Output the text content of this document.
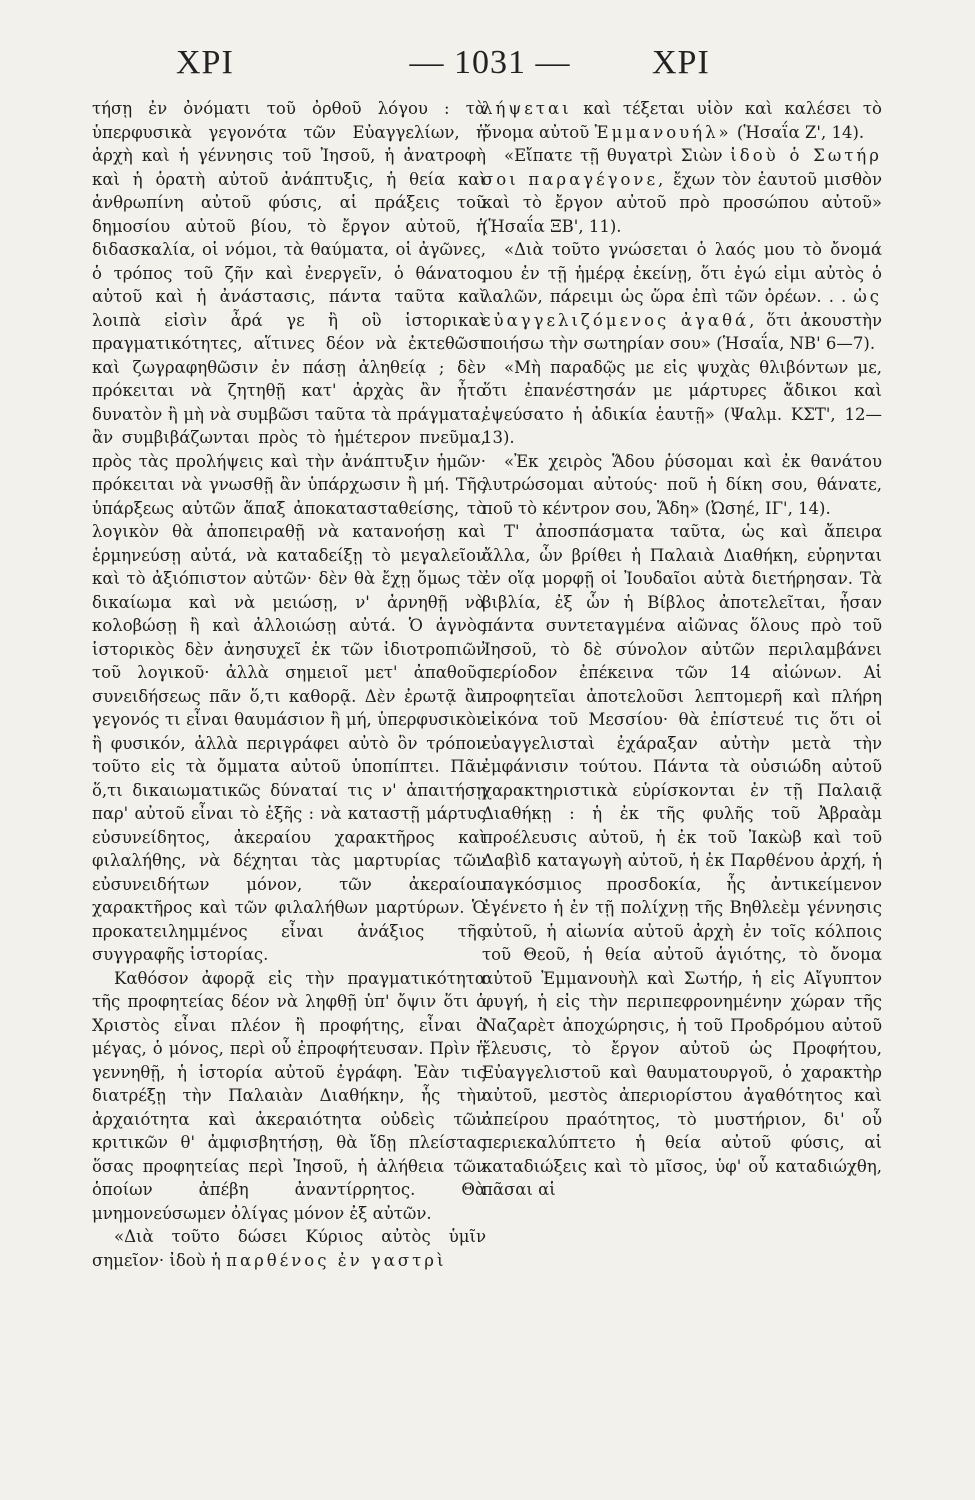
ΧΡΙ	— 1031 —	ΧΡΙ

τήσῃ ἐν ὀνόματι τοῦ ὀρθοῦ λόγου : τὰ ὑπερφυσικὰ γεγονότα τῶν Εὐαγγελίων, ἡ ἀρχὴ καὶ ἡ γέννησις τοῦ Ἰησοῦ, ἡ ἀνατροφὴ καὶ ἡ ὁρατὴ αὐτοῦ ἀνάπτυξις, ἡ θεία καὶ ἀνθρωπίνη αὐτοῦ φύσις, αἱ πράξεις τοῦ δημοσίου αὐτοῦ βίου, τὸ ἔργον αὐτοῦ, ἡ διδασκαλία, οἱ νόμοι, τὰ θαύματα, οἱ ἀγῶνες, ὁ τρόπος τοῦ ζῆν καὶ ἐνεργεῖν, ὁ θάνατος αὐτοῦ καὶ ἡ ἀνάστασις, πάντα ταῦτα καὶ λοιπὰ εἰσὶν ἆρά γε ἢ οὒ ἱστορικαὶ πραγματικότητες, αἵτινες δέον νὰ ἐκτεθῶσι καὶ ζωγραφηθῶσιν ἐν πάσῃ ἀληθείᾳ ; δὲν πρόκειται νὰ ζητηθῇ κατ' ἀρχὰς ἂν ἦτο δυνατὸν ἢ μὴ νὰ συμβῶσι ταῦτα τὰ πράγματα, ἂν συμβιβάζωνται πρὸς τὸ ἡμέτερον πνεῦμα, πρὸς τὰς προλήψεις καὶ τὴν ἀνάπτυξιν ἡμῶν· πρόκειται νὰ γνωσθῇ ἂν ὑπάρχωσιν ἢ μή. Τῆς ὑπάρξεως αὐτῶν ἅπαξ ἀποκατασταθείσης, τὸ λογικὸν θὰ ἀποπειραθῇ νὰ κατανοήσῃ καὶ ἑρμηνεύσῃ αὐτά, νὰ καταδείξῃ τὸ μεγαλεῖον καὶ τὸ ἀξιόπιστον αὐτῶν· δὲν θὰ ἔχῃ ὅμως τὸ δικαίωμα καὶ νὰ μειώσῃ, ν' ἀρνηθῇ νὰ κολοβώσῃ ἢ καὶ ἀλλοιώσῃ αὐτά. Ὁ ἁγνὸς ἱστορικὸς δὲν ἀνησυχεῖ ἐκ τῶν ἰδιοτροπιῶν τοῦ λογικοῦ· ἀλλὰ σημειοῖ μετ' ἀπαθοῦς συνειδήσεως πᾶν ὅ,τι καθορᾷ. Δὲν ἐρωτᾷ ἂν γεγονός τι εἶναι θαυμάσιον ἢ μή, ὑπερφυσικὸν ἢ φυσικόν, ἀλλὰ περιγράφει αὐτὸ ὃν τρόπον τοῦτο εἰς τὰ ὄμματα αὐτοῦ ὑποπίπτει. Πᾶν ὅ,τι δικαιωματικῶς δύναταί τις ν' ἀπαιτήσῃ παρ' αὐτοῦ εἶναι τὸ ἑξῆς : νὰ καταστῇ μάρτυς εὐσυνείδητος, ἀκεραίου χαρακτῆρος καὶ φιλαλήθης, νὰ δέχηται τὰς μαρτυρίας τῶν εὐσυνειδήτων μόνον, τῶν ἀκεραίου χαρακτῆρος καὶ τῶν φιλαλήθων μαρτύρων. Ὁ προκατειλημμένος εἶναι ἀνάξιος τῆς συγγραφῆς ἱστορίας.

Καθόσον ἀφορᾷ εἰς τὴν πραγματικότητα τῆς προφητείας δέον νὰ ληφθῇ ὑπ' ὄψιν ὅτι ὁ Χριστὸς εἶναι πλέον ἢ προφήτης, εἶναι ὁ μέγας, ὁ μόνος, περὶ οὗ ἐπροφήτευσαν. Πρὶν ἡ γεννηθῇ, ἡ ἱστορία αὐτοῦ ἐγράφη. Ἐὰν τις διατρέξῃ τὴν Παλαιὰν Διαθήκην, ἧς τὴν ἀρχαιότητα καὶ ἀκεραιότητα οὐδεὶς τῶν κριτικῶν θ' ἀμφισβητήσῃ, θὰ ἴδῃ πλείστας ὅσας προφητείας περὶ Ἰησοῦ, ἡ ἀλήθεια τῶν ὁποίων ἀπέβη ἀναντίρρητος. Θὰ μνημονεύσωμεν ὀλίγας μόνον ἐξ αὐτῶν.

«Διὰ τοῦτο δώσει Κύριος αὐτὸς ὑμῖν σημεῖον· ἰδοὺ ἡ παρθένος ἐν γαστρὶ

λήψεται καὶ τέξεται υἱὸν καὶ καλέσει τὸ ὄνομα αὐτοῦ Ἐμμανουήλ» (Ἡσαΐα Ζ', 14).

«Εἴπατε τῇ θυγατρὶ Σιὼν ἰδοὺ ὁ Σωτήρ σοι παραγέγονε, ἔχων τὸν ἑαυτοῦ μισθὸν καὶ τὸ ἔργον αὐτοῦ πρὸ προσώπου αὐτοῦ» (Ἡσαΐα ΞΒ', 11).

«Διὰ τοῦτο γνώσεται ὁ λαός μου τὸ ὄνομά μου ἐν τῇ ἡμέρᾳ ἐκείνῃ, ὅτι ἐγώ εἰμι αὐτὸς ὁ λαλῶν, πάρειμι ὡς ὥρα ἐπὶ τῶν ὀρέων. . . ὡς εὐαγγελιζόμενος ἀγαθά, ὅτι ἀκουστὴν ποιήσω τὴν σωτηρίαν σου» (Ἡσαΐα, ΝΒ' 6—7).

«Μὴ παραδῷς με εἰς ψυχὰς θλιβόντων με, ὅτι ἐπανέστησάν με μάρτυρες ἄδικοι καὶ ἐψεύσατο ἡ ἀδικία ἑαυτῇ» (Ψαλμ. ΚΣΤ', 12—13).

«Ἐκ χειρὸς Ἅδου ῥύσομαι καὶ ἐκ θανάτου λυτρώσομαι αὐτούς· ποῦ ἡ δίκη σου, θάνατε, ποῦ τὸ κέντρον σου, Ἅδη» (Ὠσηέ, ΙΓ', 14).

Τ' ἀποσπάσματα ταῦτα, ὡς καὶ ἄπειρα ἄλλα, ὧν βρίθει ἡ Παλαιὰ Διαθήκη, εὑρηνται ἐν οἵᾳ μορφῇ οἱ Ἰουδαῖοι αὐτὰ διετήρησαν. Τὰ βιβλία, ἐξ ὧν ἡ Βίβλος ἀποτελεῖται, ἦσαν πάντα συντεταγμένα αἰῶνας ὅλους πρὸ τοῦ Ἰησοῦ, τὸ δὲ σύνολον αὐτῶν περιλαμβάνει περίοδον ἐπέκεινα τῶν 14 αἰώνων. Αἱ προφητεῖαι ἀποτελοῦσι λεπτομερῆ καὶ πλήρη εἰκόνα τοῦ Μεσσίου· θὰ ἐπίστευέ τις ὅτι οἱ εὐαγγελισταὶ ἐχάραξαν αὐτὴν μετὰ τὴν ἐμφάνισιν τούτου. Πάντα τὰ οὐσιώδη αὐτοῦ χαρακτηριστικὰ εὑρίσκονται ἐν τῇ Παλαιᾷ Διαθήκῃ : ἡ ἐκ τῆς φυλῆς τοῦ Ἀβραὰμ προέλευσις αὐτοῦ, ἡ ἐκ τοῦ Ἰακὼβ καὶ τοῦ Δαβὶδ καταγωγὴ αὐτοῦ, ἡ ἐκ Παρθένου ἀρχή, ἡ παγκόσμιος προσδοκία, ἧς ἀντικείμενον ἐγένετο ἡ ἐν τῇ πολίχνῃ τῆς Βηθλεὲμ γέννησις αὐτοῦ, ἡ αἰωνία αὐτοῦ ἀρχὴ ἐν τοῖς κόλποις τοῦ Θεοῦ, ἡ θεία αὐτοῦ ἁγιότης, τὸ ὄνομα αὐτοῦ Ἐμμανουὴλ καὶ Σωτήρ, ἡ εἰς Αἴγυπτον φυγή, ἡ εἰς τὴν περιπεφρονημένην χώραν τῆς Ναζαρὲτ ἀποχώρησις, ἡ τοῦ Προδρόμου αὐτοῦ ἔλευσις, τὸ ἔργον αὐτοῦ ὡς Προφήτου, Εὐαγγελιστοῦ καὶ θαυματουργοῦ, ὁ χαρακτὴρ αὐτοῦ, μεστὸς ἀπεριορίστου ἀγαθότητος καὶ ἀπείρου πραότητος, τὸ μυστήριον, δι' οὗ περιεκαλύπτετο ἡ θεία αὐτοῦ φύσις, αἱ καταδιώξεις καὶ τὸ μῖσος, ὑφ' οὗ καταδιώχθη, πᾶσαι αἱ
